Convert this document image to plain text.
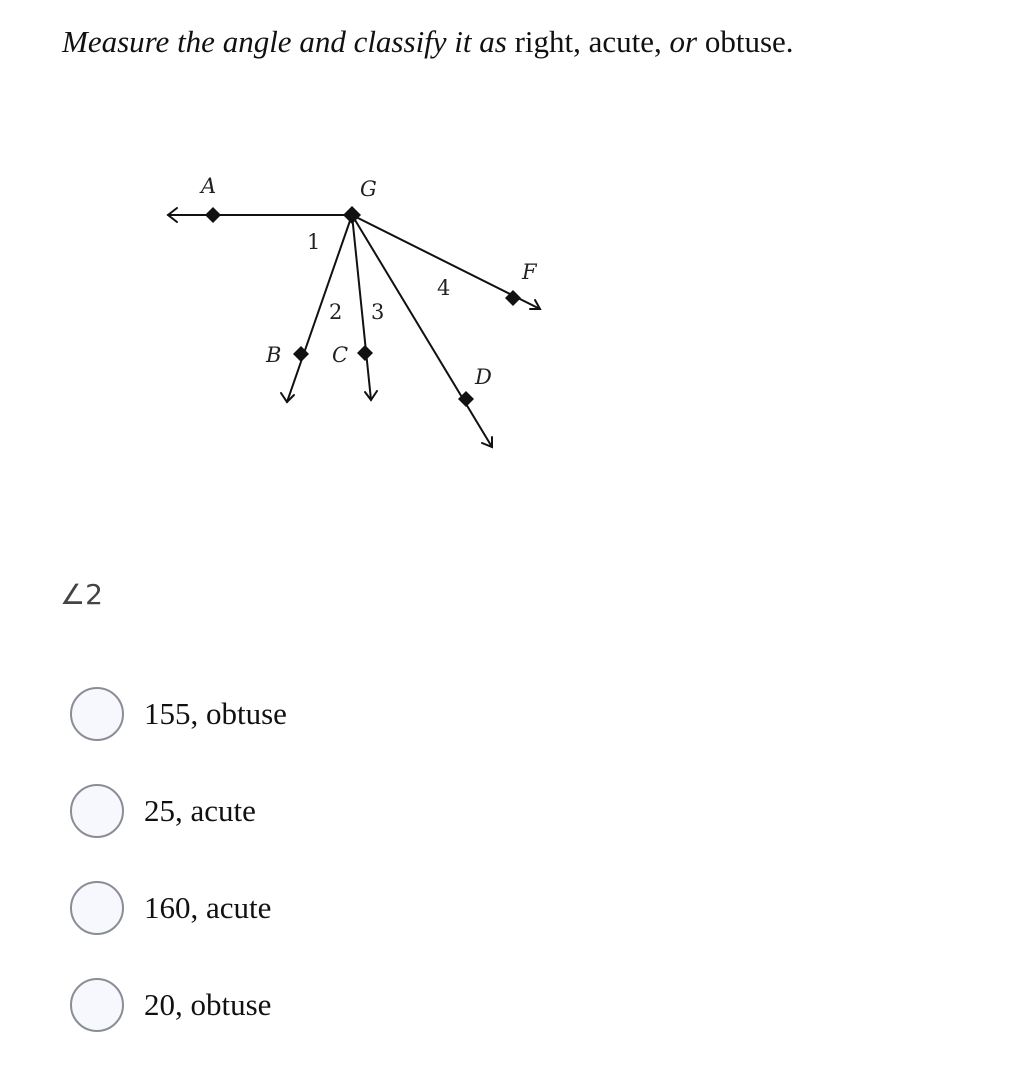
Measure the angle and classify it as right, acute, or obtuse.
A	G
F
B C
D
1
2 3
4
∠2
155, obtuse
25, acute
160, acute
20, obtuse
